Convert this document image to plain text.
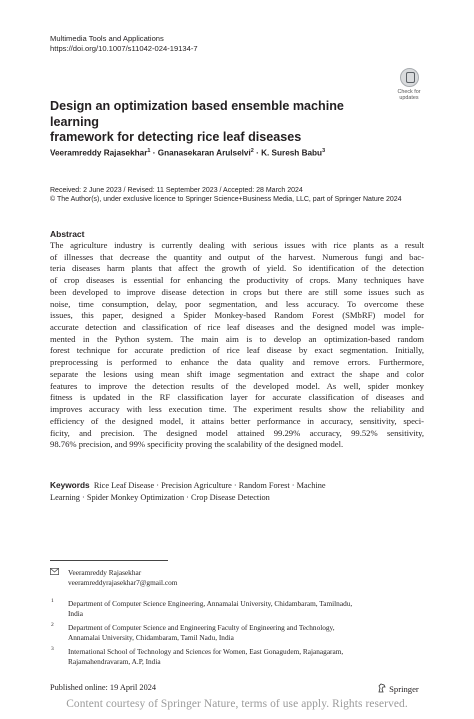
Multimedia Tools and Applications
https://doi.org/10.1007/s11042-024-19134-7
Check for
updates
Design an optimization based ensemble machine learning
framework for detecting rice leaf diseases
Veeramreddy Rajasekhar$^1$ · Gnanasekaran Arulselvi$^2$ · K. Suresh Babu$^3$
Received: 2 June 2023 / Revised: 11 September 2023 / Accepted: 28 March 2024
© The Author(s), under exclusive licence to Springer Science+Business Media, LLC, part of Springer Nature 2024
Abstract
The agriculture industry is currently dealing with serious issues with rice plants as a result
of illnesses that decrease the quantity and output of the harvest. Numerous fungi and bac-
teria diseases harm plants that affect the growth of yield. So identification of the detection
of crop diseases is essential for enhancing the productivity of crops. Many techniques have
been developed to improve disease detection in crops but there are still some issues such as
noise, time consumption, delay, poor segmentation, and less accuracy. To overcome these
issues, this paper, designed a Spider Monkey-based Random Forest (SMbRF) model for
accurate detection and classification of rice leaf diseases and the designed model was imple-
mented in the Python system. The main aim is to develop an optimization-based random
forest technique for accurate prediction of rice leaf disease by exact segmentation. Initially,
preprocessing is performed to enhance the data quality and remove errors. Furthermore,
separate the lesions using mean shift image segmentation and extract the shape and color
features to improve the detection results of the developed model. As well, spider monkey
fitness is updated in the RF classification layer for accurate classification of diseases and
improves accuracy with less execution time. The experiment results show the reliability and
efficiency of the designed model, it attains better performance in accuracy, sensitivity, speci-
ficity, and precision. The designed model attained 99.29% accuracy, 99.52% sensitivity,
98.76% precision, and 99% specificity proving the scalability of the designed model.
Keywords Rice Leaf Disease · Precision Agriculture · Random Forest · Machine
Learning · Spider Monkey Optimization · Crop Disease Detection
Veeramreddy Rajasekhar
veeramreddyrajasekhar7@gmail.com
1 Department of Computer Science Engineering, Annamalai University, Chidambaram, Tamilnadu,
India
2 Department of Computer Science and Engineering Faculty of Engineering and Technology,
Annamalai University, Chidambaram, Tamil Nadu, India
3 International School of Technology and Sciences for Women, East Gonagudem, Rajanagaram,
Rajamahendravaram, A.P, India
Published online: 19 April 2024	Springer
Content courtesy of Springer Nature, terms of use apply. Rights reserved.
